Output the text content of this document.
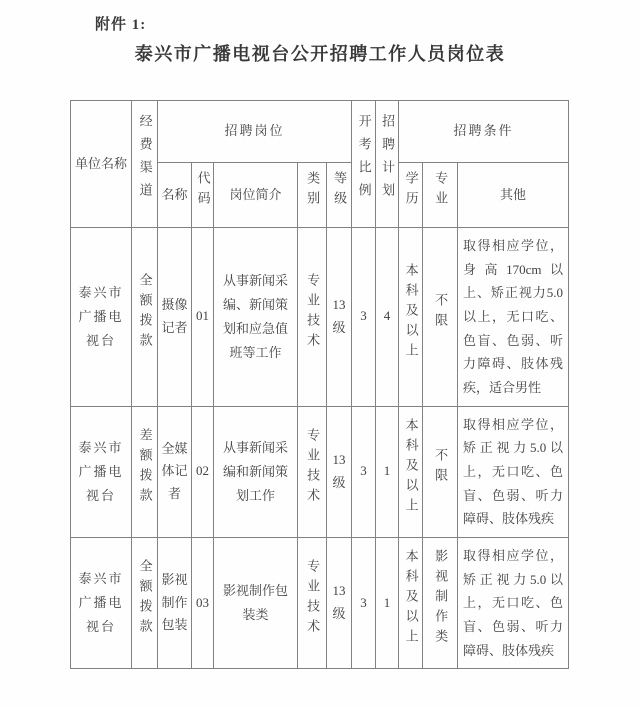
附件 1:
泰兴市广播电视台公开招聘工作人员岗位表
单位名称	经费渠道	招聘岗位					开考比例	招聘计划	招聘条件		
		名称	代码	岗位简介	类别	等级			学历	专业	其他
泰兴市广播电视台	全额拨款	摄像记者	01	从事新闻采编、新闻策划和应急值班等工作	专业技术	13级	3	4	本科及以上	不限	取得相应学位，身高170cm以上、矫正视力5.0以上，无口吃、色盲、色弱、听力障碍、肢体残疾，适合男性
泰兴市广播电视台	差额拨款	全媒体记者	02	从事新闻采编和新闻策划工作	专业技术	13级	3	1	本科及以上	不限	取得相应学位，矫正视力5.0以上，无口吃、色盲、色弱、听力障碍、肢体残疾
泰兴市广播电视台	全额拨款	影视制作包装	03	影视制作包装类	专业技术	13级	3	1	本科及以上	影视制作类	取得相应学位，矫正视力5.0以上，无口吃、色盲、色弱、听力障碍、肢体残疾
